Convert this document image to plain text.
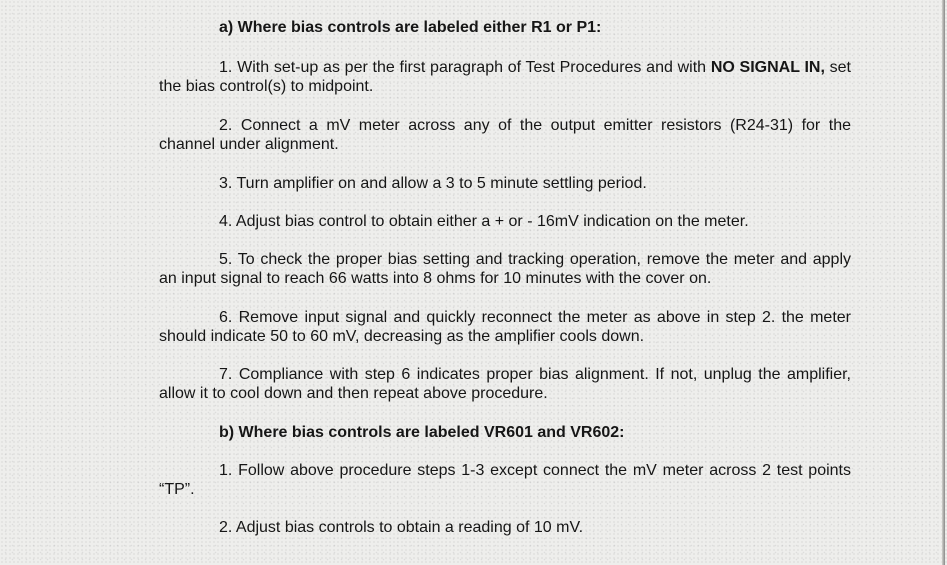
a) Where bias controls are labeled either R1 or P1:
1. With set-up as per the first paragraph of Test Procedures and with NO SIGNAL IN, set the bias control(s) to midpoint.
2. Connect a mV meter across any of the output emitter resistors (R24-31) for the channel under alignment.
3. Turn amplifier on and allow a 3 to 5 minute settling period.
4. Adjust bias control to obtain either a + or - 16mV indication on the meter.
5. To check the proper bias setting and tracking operation, remove the meter and apply an input signal to reach 66 watts into 8 ohms for 10 minutes with the cover on.
6. Remove input signal and quickly reconnect the meter as above in step 2. the meter should indicate 50 to 60 mV, decreasing as the amplifier cools down.
7. Compliance with step 6 indicates proper bias alignment. If not, unplug the amplifier, allow it to cool down and then repeat above procedure.
b) Where bias controls are labeled VR601 and VR602:
1. Follow above procedure steps 1-3 except connect the mV meter across 2 test points “TP”.
2. Adjust bias controls to obtain a reading of 10 mV.
